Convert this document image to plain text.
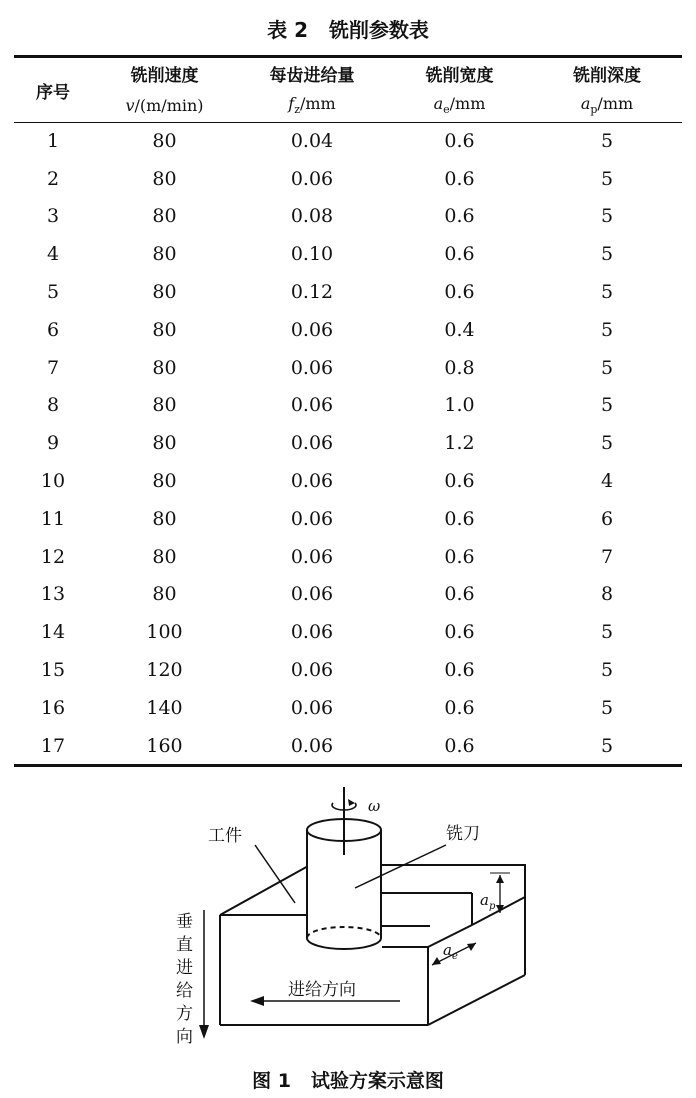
表 2 铣削参数表
序号	铣削速度	每齿进给量	铣削宽度	铣削深度
	v/(m/min)	$f_z/mm$	$a_e/mm$	$a_p/mm$
1	80	0.04	0.6	5
2	80	0.06	0.6	5
3	80	0.08	0.6	5
4	80	0.10	0.6	5
5	80	0.12	0.6	5
6	80	0.06	0.4	5
7	80	0.06	0.8	5
8	80	0.06	1.0	5
9	80	0.06	1.2	5
10	80	0.06	0.6	4
11	80	0.06	0.6	6
12	80	0.06	0.6	7
13	80	0.06	0.6	8
14	100	0.06	0.6	5
15	120	0.06	0.6	5
16	140	0.06	0.6	5
17	160	0.06	0.6	5
ω
工件	铣刀
$a_p$
$a_e$
进给方向
垂
直
进
给
方
向
图 1 试验方案示意图
